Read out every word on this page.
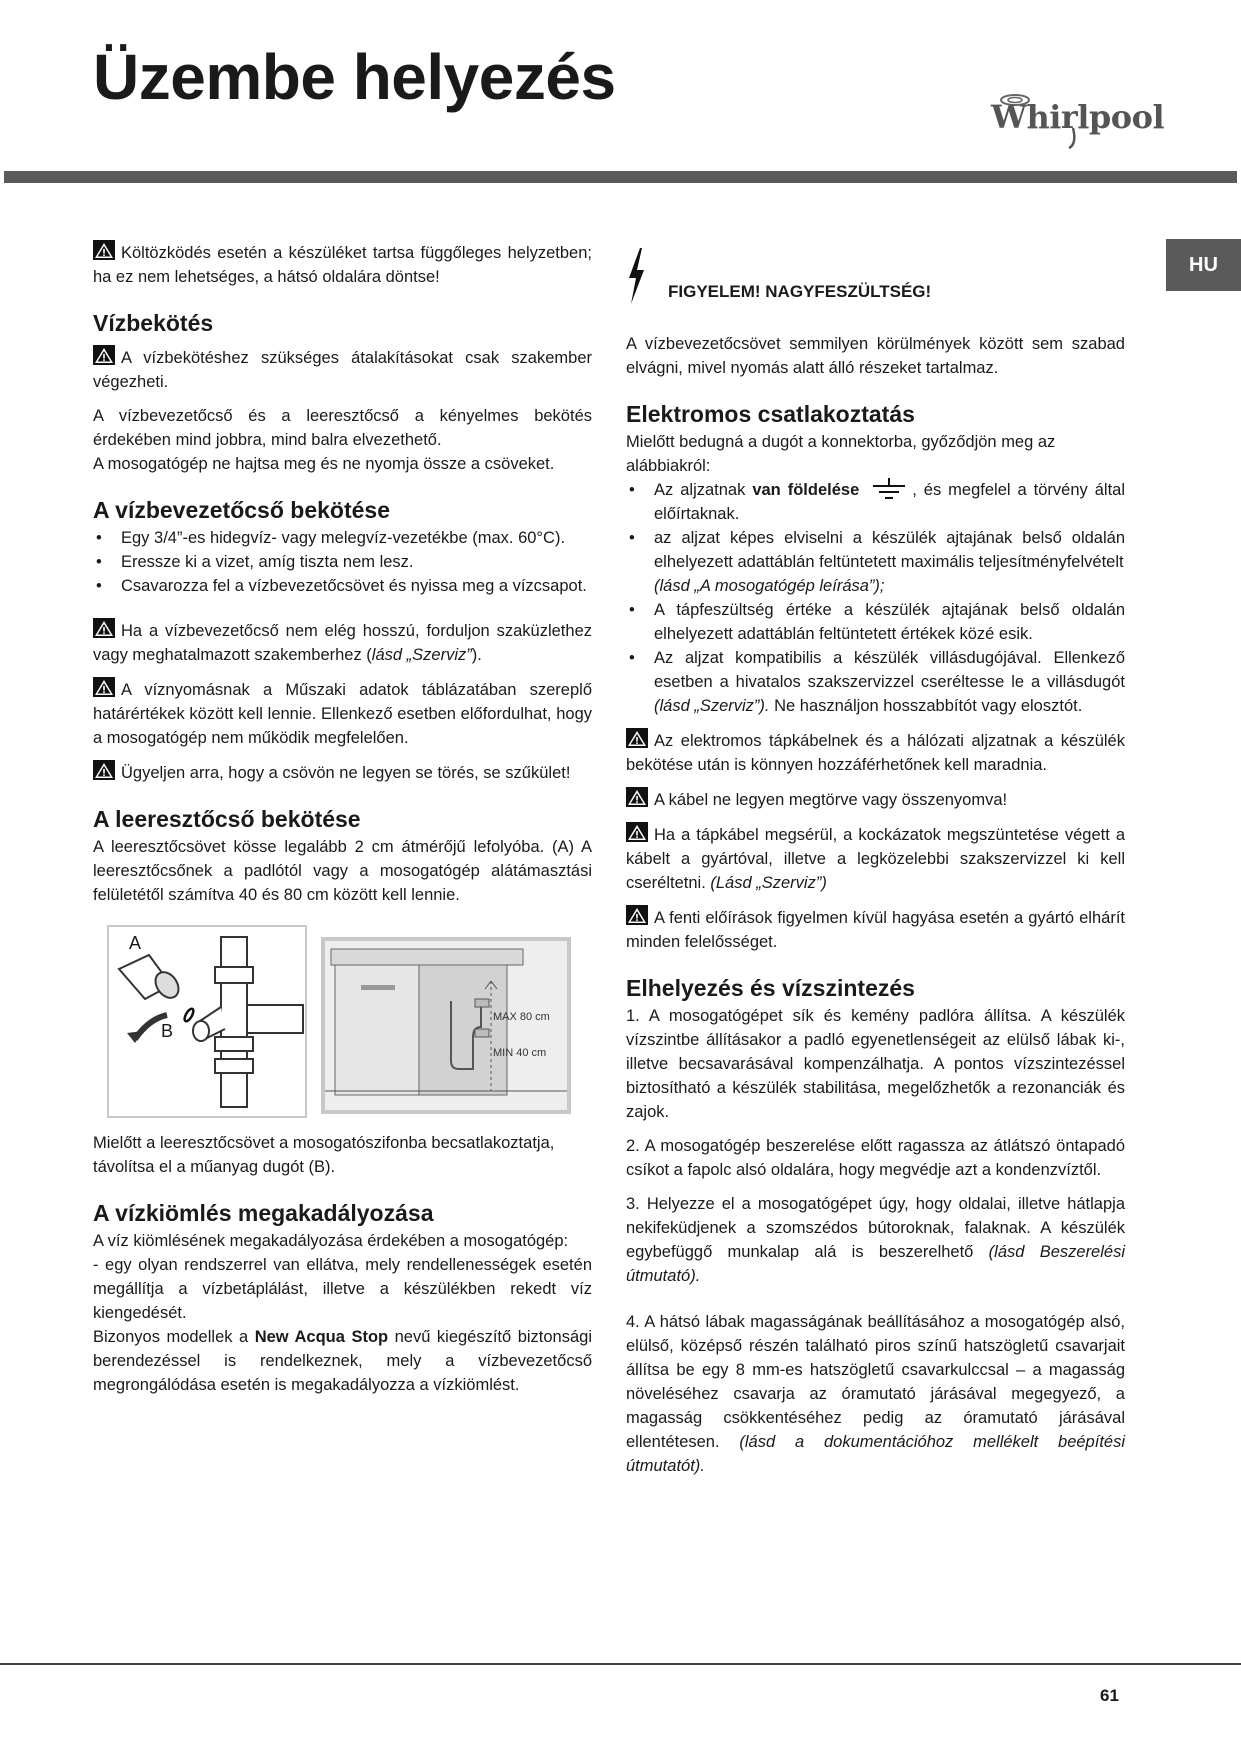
Üzembe helyezés
Whirlpool
HU

Költözködés esetén a készüléket tartsa függőleges helyzetben; ha ez nem lehetséges, a hátsó oldalára döntse!

Vízbekötés

A vízbekötéshez szükséges átalakításokat csak szakember végezheti.

A vízbevezetőcső és a leeresztőcső a kényelmes bekötés érdekében mind jobbra, mind balra elvezethető.

A mosogatógép ne hajtsa meg és ne nyomja össze a csöveket.

A vízbevezetőcső bekötése
• Egy 3/4”-es hidegvíz- vagy melegvíz-vezetékbe (max. 60°C).
• Eressze ki a vizet, amíg tiszta nem lesz.
• Csavarozza fel a vízbevezetőcsövet és nyissa meg a vízcsapot.

Ha a vízbevezetőcső nem elég hosszú, forduljon szaküzlethez vagy meghatalmazott szakemberhez (lásd „Szerviz”).

A víznyomásnak a Műszaki adatok táblázatában szereplő határértékek között kell lennie. Ellenkező esetben előfordulhat, hogy a mosogatógép nem működik megfelelően.

Ügyeljen arra, hogy a csövön ne legyen se törés, se szűkület!

A leeresztőcső bekötése

A leeresztőcsövet kösse legalább 2 cm átmérőjű lefolyóba. (A) A leeresztőcsőnek a padlótól vagy a mosogatógép alátámasztási felületétől számítva 40 és 80 cm között kell lennie.

A
B
MAX 80 cm
MIN 40 cm

Mielőtt a leeresztőcsövet a mosogatószifonba becsatlakoztatja, távolítsa el a műanyag dugót (B).

A vízkiömlés megakadályozása

A víz kiömlésének megakadályozása érdekében a mosogatógép:

- egy olyan rendszerrel van ellátva, mely rendellenességek esetén megállítja a vízbetáplálást, illetve a készülékben rekedt víz kiengedését.

Bizonyos modellek a New Acqua Stop nevű kiegészítő biztonsági berendezéssel is rendelkeznek, mely a vízbevezetőcső megrongálódása esetén is megakadályozza a vízkiömlést.

FIGYELEM! NAGYFESZÜLTSÉG!

A vízbevezetőcsövet semmilyen körülmények között sem szabad elvágni, mivel nyomás alatt álló részeket tartalmaz.

Elektromos csatlakoztatás

Mielőtt bedugná a dugót a konnektorba, győződjön meg az alábbiakról:

• Az aljzatnak van földelése	, és megfelel a törvény által előírtaknak.
• az aljzat képes elviselni a készülék ajtajának belső oldalán elhelyezett adattáblán feltüntetett maximális teljesítményfelvételt
(lásd „A mosogatógép leírása”);
• A tápfeszültség értéke a készülék ajtajának belső oldalán elhelyezett adattáblán feltüntetett értékek közé esik.
• Az aljzat kompatibilis a készülék villásdugójával. Ellenkező esetben a hivatalos szakszervizzel cseréltesse le a villásdugót (lásd „Szerviz”). Ne használjon hosszabbítót vagy elosztót.

Az elektromos tápkábelnek és a hálózati aljzatnak a készülék bekötése után is könnyen hozzáférhetőnek kell maradnia.

A kábel ne legyen megtörve vagy összenyomva!

Ha a tápkábel megsérül, a kockázatok megszüntetése végett a kábelt a gyártóval, illetve a legközelebbi szakszervizzel ki kell cseréltetni. (Lásd „Szerviz”)

A fenti előírások figyelmen kívül hagyása esetén a gyártó elhárít minden felelősséget.

Elhelyezés és vízszintezés

1. A mosogatógépet sík és kemény padlóra állítsa. A készülék vízszintbe állításakor a padló egyenetlenségeit az elülső lábak ki-, illetve becsavarásával kompenzálhatja. A pontos vízszintezéssel biztosítható a készülék stabilitása, megelőzhetők a rezonanciák és zajok.

2. A mosogatógép beszerelése előtt ragassza az átlátszó öntapadó csíkot a fapolc alsó oldalára, hogy megvédje azt a kondenzvíztől.

3. Helyezze el a mosogatógépet úgy, hogy oldalai, illetve hátlapja nekifeküdjenek a szomszédos bútoroknak, falaknak. A készülék egybefüggő munkalap alá is beszerelhető (lásd Beszerelési útmutató).

4. A hátsó lábak magasságának beállításához a mosogatógép alsó, elülső, középső részén található piros színű hatszögletű csavarjait állítsa be egy 8 mm-es hatszögletű csavarkulccsal – a magasság növeléséhez csavarja az óramutató járásával megegyező, a magasság csökkentéséhez pedig az óramutató járásával ellentétesen. (lásd a dokumentációhoz mellékelt beépítési útmutatót).

61
